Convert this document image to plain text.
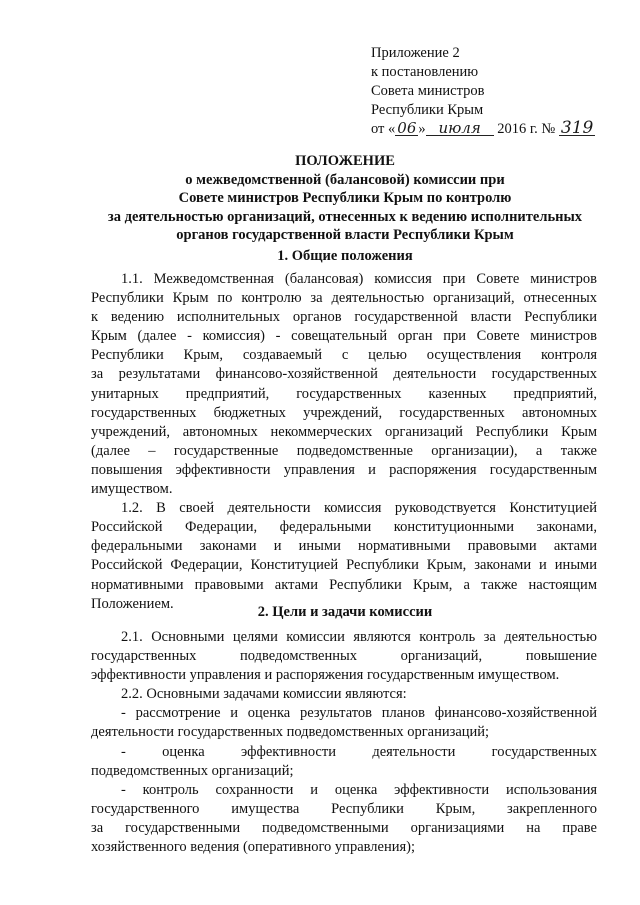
Приложение 2
к постановлению
Совета министров
Республики Крым
от « 06 » июля 2016 г. № 319
ПОЛОЖЕНИЕ
о межведомственной (балансовой) комиссии при
Совете министров Республики Крым по контролю
за деятельностью организаций, отнесенных к ведению исполнительных
органов государственной власти Республики Крым
1. Общие положения
1.1. Межведомственная (балансовая) комиссия при Совете министров
Республики Крым по контролю за деятельностью организаций, отнесенных
к ведению исполнительных органов государственной власти Республики
Крым (далее - комиссия) - совещательный орган при Совете министров
Республики Крым, создаваемый с целью осуществления контроля
за результатами финансово-хозяйственной деятельности государственных
унитарных предприятий, государственных казенных предприятий,
государственных бюджетных учреждений, государственных автономных
учреждений, автономных некоммерческих организаций Республики Крым
(далее – государственные подведомственные организации), а также
повышения эффективности управления и распоряжения государственным
имуществом.
1.2. В своей деятельности комиссия руководствуется Конституцией
Российской Федерации, федеральными конституционными законами,
федеральными законами и иными нормативными правовыми актами
Российской Федерации, Конституцией Республики Крым, законами и иными
нормативными правовыми актами Республики Крым, а также настоящим
Положением.
2. Цели и задачи комиссии
2.1. Основными целями комиссии являются контроль за деятельностью
государственных подведомственных организаций, повышение
эффективности управления и распоряжения государственным имуществом.
2.2. Основными задачами комиссии являются:
- рассмотрение и оценка результатов планов финансово-хозяйственной
деятельности государственных подведомственных организаций;
- оценка эффективности деятельности государственных
подведомственных организаций;
- контроль сохранности и оценка эффективности использования
государственного имущества Республики Крым, закрепленного
за государственными подведомственными организациями на праве
хозяйственного ведения (оперативного управления);
